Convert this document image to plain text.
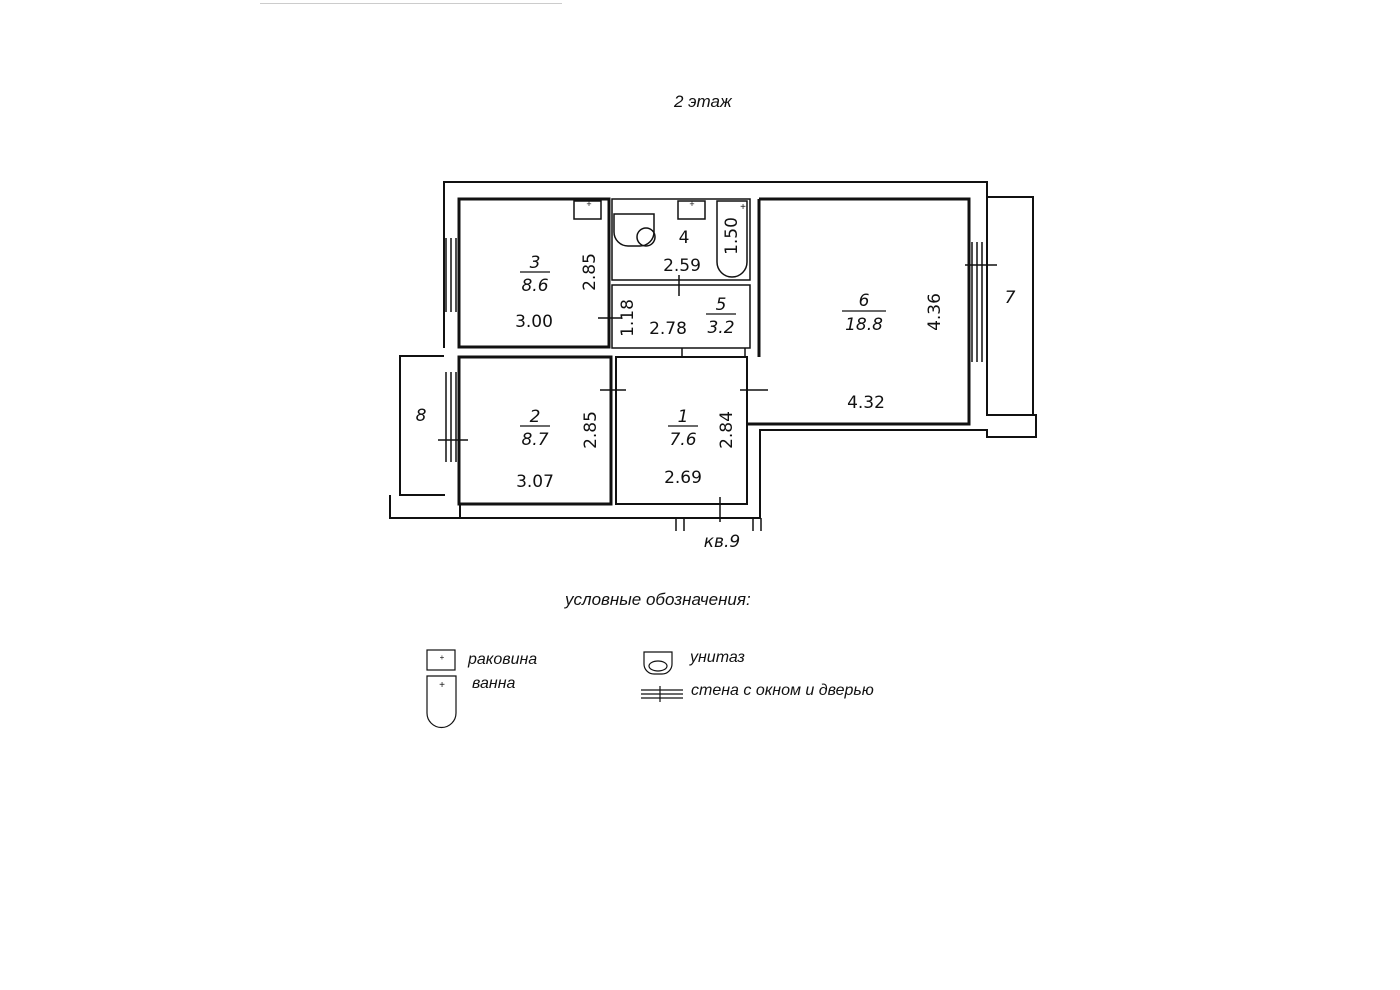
2 этаж
+	+	+
+
+
3
8.6
3.00
2.85
4
2.59
1.50
5
3.2
2.78
1.18	6
18.8
4.32
4.36
2
8.7
3.07
2.85	1
7.6
2.69
2.84
7
8
кв.9
условные обозначения:
раковина
ванна
унитаз
стена с окном и дверью
